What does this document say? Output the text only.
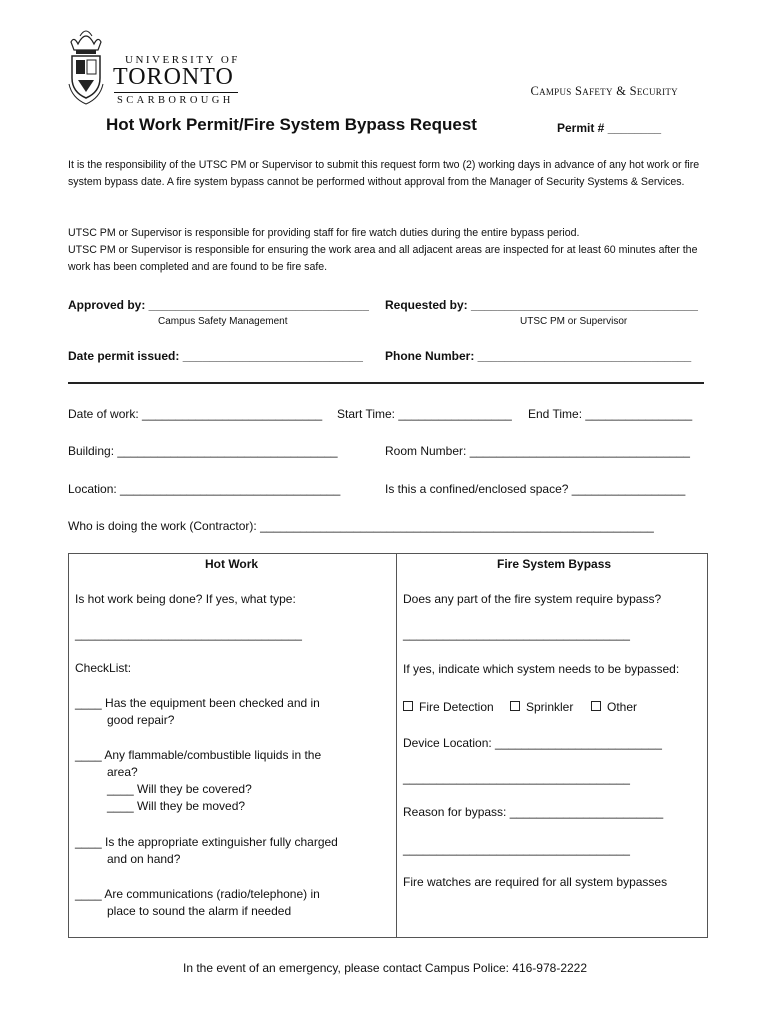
UNIVERSITY OF
TORONTO
SCARBOROUGH
Campus Safety & Security
Hot Work Permit/Fire System Bypass Request	Permit # ________
It is the responsibility of the UTSC PM or Supervisor to submit this request form two (2) working days in advance of any hot work or fire system bypass date. A fire system bypass cannot be performed without approval from the Manager of Security Systems & Services.
UTSC PM or Supervisor is responsible for providing staff for fire watch duties during the entire bypass period.
UTSC PM or Supervisor is responsible for ensuring the work area and all adjacent areas are inspected for at least 60 minutes after the work has been completed and are found to be fire safe.
Approved by: _________________________________
Campus Safety Management
Requested by: __________________________________
UTSC PM or Supervisor
Date permit issued: ___________________________ Phone Number: ________________________________
Date of work: ___________________________ Start Time: _________________ End Time: ________________
Building: _________________________________	Room Number: _________________________________
Location: _________________________________	Is this a confined/enclosed space? _________________
Who is doing the work (Contractor): ___________________________________________________________
Hot Work
Is hot work being done? If yes, what type:
__________________________________
CheckList:
____ Has the equipment been checked and in
good repair?
____ Any flammable/combustible liquids in the
area?
____ Will they be covered?
____ Will they be moved?
____ Is the appropriate extinguisher fully charged
and on hand?
____ Are communications (radio/telephone) in
place to sound the alarm if needed
Fire System Bypass
Does any part of the fire system require bypass?
__________________________________
If yes, indicate which system needs to be bypassed:
Fire Detection	Sprinkler	Other
Device Location: _________________________
__________________________________
Reason for bypass: _______________________
__________________________________
Fire watches are required for all system bypasses
In the event of an emergency, please contact Campus Police: 416-978-2222
